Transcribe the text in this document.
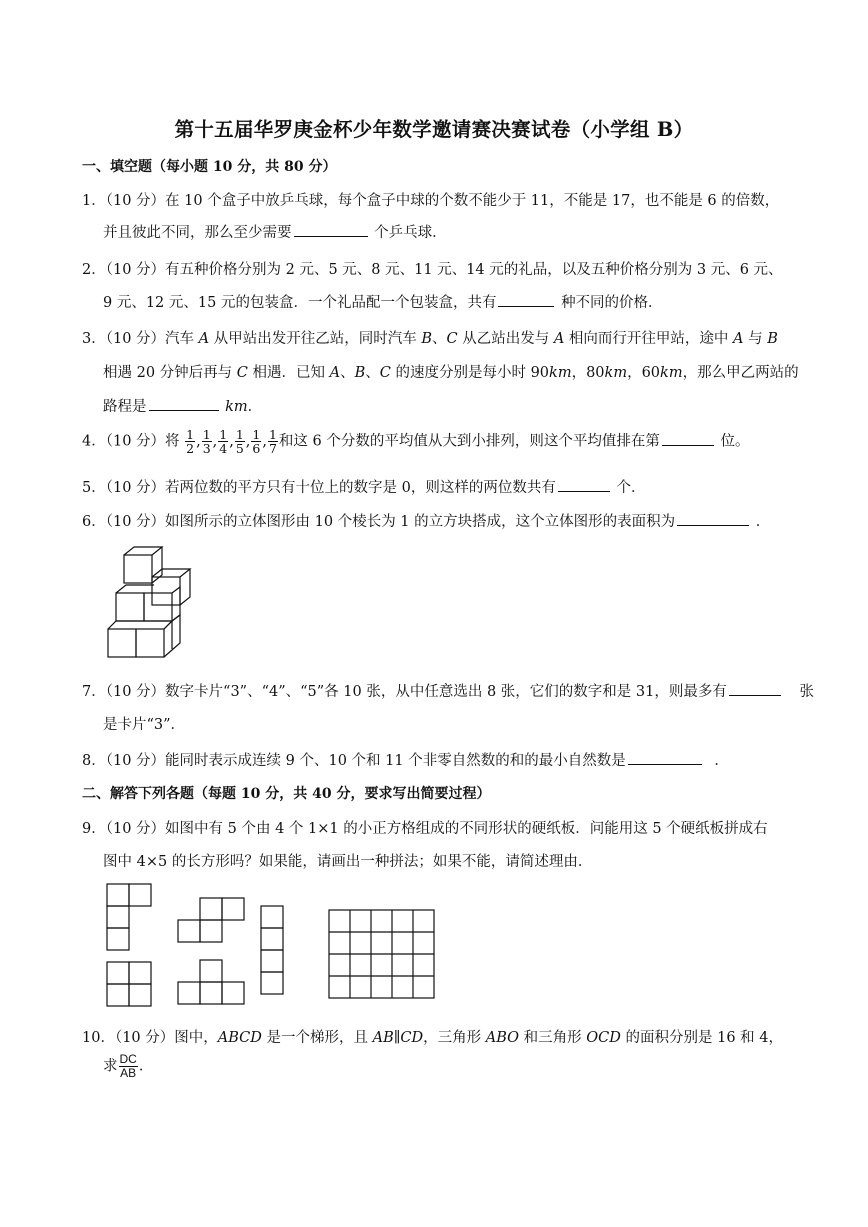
第十五届华罗庚金杯少年数学邀请赛决赛试卷（小学组 B）
一、填空题（每小题 10 分，共 80 分）
1．（10 分）在 10 个盒子中放乒乓球，每个盒子中球的个数不能少于 11，不能是 17，也不能是 6 的倍数，
并且彼此不同，那么至少需要	个乒乓球．
2．（10 分）有五种价格分别为 2 元、5 元、8 元、11 元、14 元的礼品，以及五种价格分别为 3 元、6 元、
9 元、12 元、15 元的包装盒．一个礼品配一个包装盒，共有	种不同的价格．
3．（10 分）汽车 A 从甲站出发开往乙站，同时汽车 B、C 从乙站出发与 A 相向而行开往甲站，途中 A 与 B
相遇 20 分钟后再与 C 相遇．已知 A、B、C 的速度分别是每小时 90km，80km，60km，那么甲乙两站的
路程是	km．
4．（10 分）将 $\frac{1}{2}$ , $\frac{1}{3}$ , $\frac{1}{4}$ , $\frac{1}{5}$ , $\frac{1}{6}$ , $\frac{1}{7}$ 和这 6 个分数的平均值从大到小排列，则这个平均值排在第	位。
5．（10 分）若两位数的平方只有十位上的数字是 0，则这样的两位数共有	个．
6．（10 分）如图所示的立体图形由 10 个棱长为 1 的立方块搭成，这个立体图形的表面积为	．
7．（10 分）数字卡片“3”、“4”、“5”各 10 张，从中任意选出 8 张，它们的数字和是 31，则最多有	张
是卡片“3”．
8．（10 分）能同时表示成连续 9 个、10 个和 11 个非零自然数的和的最小自然数是	．
二、解答下列各题（每题 10 分，共 40 分，要求写出简要过程）
9．（10 分）如图中有 5 个由 4 个 1×1 的小正方格组成的不同形状的硬纸板．问能用这 5 个硬纸板拼成右
图中 4×5 的长方形吗？如果能，请画出一种拼法；如果不能，请简述理由．
10．（10 分）图中，ABCD 是一个梯形，且 AB∥CD，三角形 ABO 和三角形 OCD 的面积分别是 16 和 4，
求 $\frac{DC}{AB}$ ．
